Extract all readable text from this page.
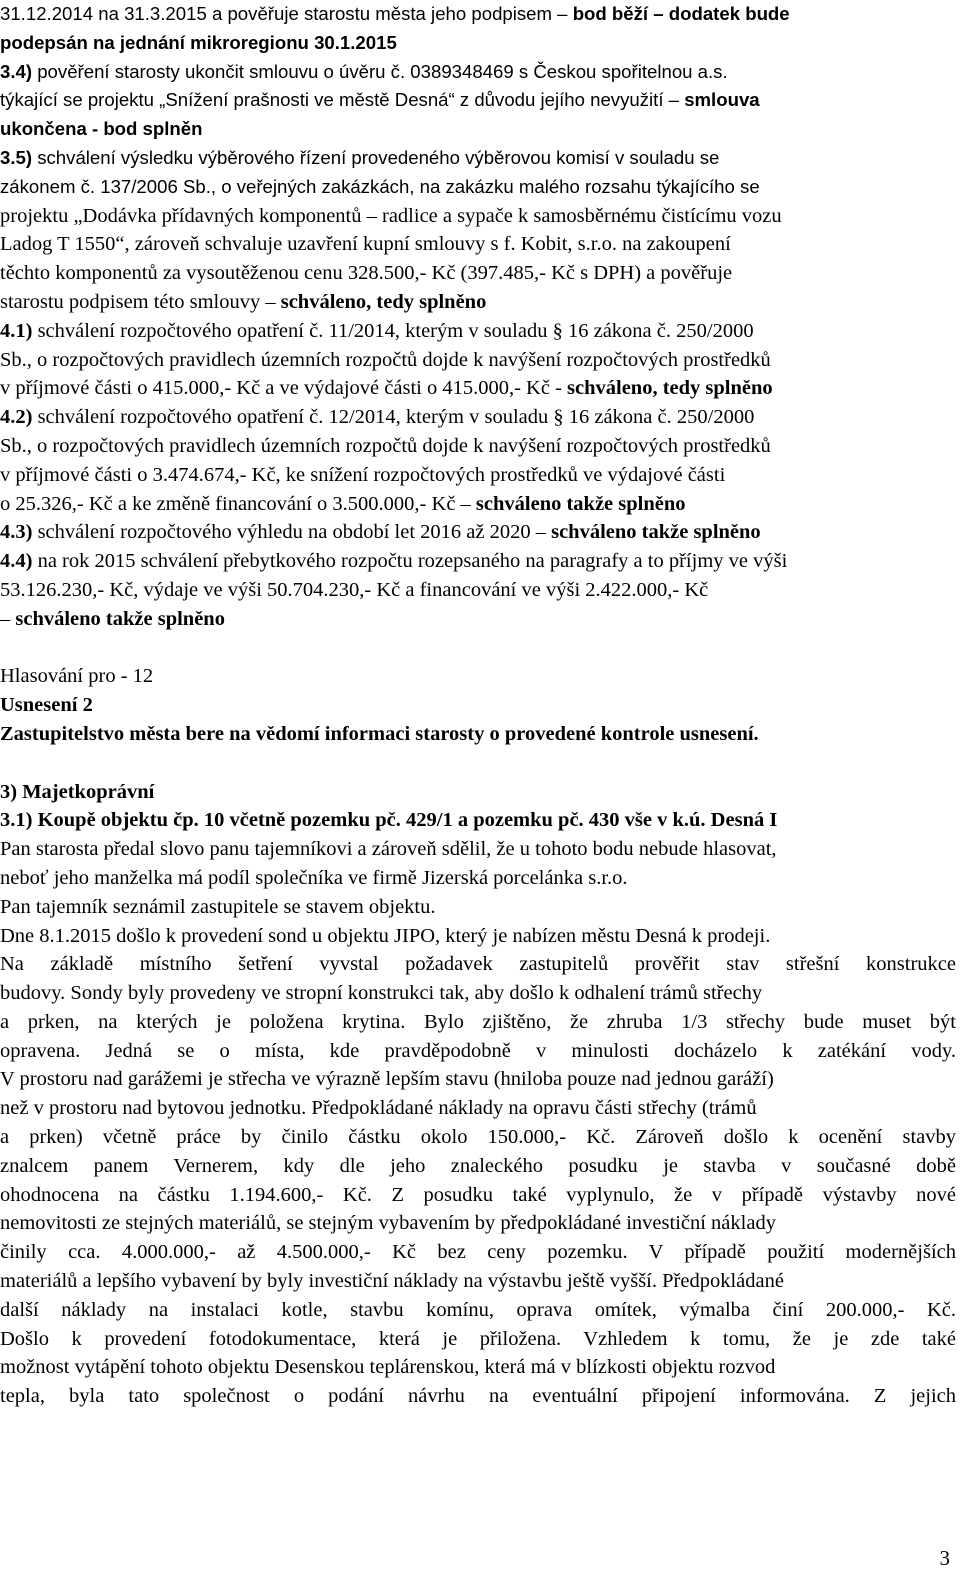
31.12.2014 na 31.3.2015 a pověřuje starostu města jeho podpisem – bod běží – dodatek bude
podepsán na jednání mikroregionu 30.1.2015
3.4) pověření starosty ukončit smlouvu o úvěru č. 0389348469 s Českou spořitelnou a.s.
týkající se projektu „Snížení prašnosti ve městě Desná“ z důvodu jejího nevyužití – smlouva
ukončena - bod splněn
3.5) schválení výsledku výběrového řízení provedeného výběrovou komisí v souladu se
zákonem č. 137/2006 Sb., o veřejných zakázkách, na zakázku malého rozsahu týkajícího se
projektu „Dodávka přídavných komponentů – radlice a sypače k samosběrnému čistícímu vozu
Ladog T 1550“, zároveň schvaluje uzavření kupní smlouvy s f. Kobit, s.r.o. na zakoupení
těchto komponentů za vysoutěženou cenu 328.500,- Kč (397.485,- Kč s DPH) a pověřuje
starostu podpisem této smlouvy – schváleno, tedy splněno
4.1) schválení rozpočtového opatření č. 11/2014, kterým v souladu § 16 zákona č. 250/2000
Sb., o rozpočtových pravidlech územních rozpočtů dojde k navýšení rozpočtových prostředků
v příjmové části o 415.000,- Kč a ve výdajové části o 415.000,- Kč - schváleno, tedy splněno
4.2) schválení rozpočtového opatření č. 12/2014, kterým v souladu § 16 zákona č. 250/2000
Sb., o rozpočtových pravidlech územních rozpočtů dojde k navýšení rozpočtových prostředků
v příjmové části o 3.474.674,- Kč, ke snížení rozpočtových prostředků ve výdajové části
o 25.326,- Kč a ke změně financování o 3.500.000,- Kč – schváleno takže splněno
4.3) schválení rozpočtového výhledu na období let 2016 až 2020 – schváleno takže splněno
4.4) na rok 2015 schválení přebytkového rozpočtu rozepsaného na paragrafy a to příjmy ve výši
53.126.230,- Kč, výdaje ve výši 50.704.230,- Kč a financování ve výši 2.422.000,- Kč
– schváleno takže splněno
Hlasování pro - 12
Usnesení 2
Zastupitelstvo města bere na vědomí informaci starosty o provedené kontrole usnesení.
3) Majetkoprávní
3.1) Koupě objektu čp. 10 včetně pozemku pč. 429/1 a pozemku pč. 430 vše v k.ú. Desná I
Pan starosta předal slovo panu tajemníkovi a zároveň sdělil, že u tohoto bodu nebude hlasovat,
neboť jeho manželka má podíl společníka ve firmě Jizerská porcelánka s.r.o.
Pan tajemník seznámil zastupitele se stavem objektu.
Dne 8.1.2015 došlo k provedení sond u objektu JIPO, který je nabízen městu Desná k prodeji.
Na základě místního šetření vyvstal požadavek zastupitelů prověřit stav střešní konstrukce
budovy. Sondy byly provedeny ve stropní konstrukci tak, aby došlo k odhalení trámů střechy
a prken, na kterých je položena krytina. Bylo zjištěno, že zhruba 1/3 střechy bude muset být
opravena. Jedná se o místa, kde pravděpodobně v minulosti docházelo k zatékání vody.
V prostoru nad garážemi je střecha ve výrazně lepším stavu (hniloba pouze nad jednou garáží)
než v prostoru nad bytovou jednotku. Předpokládané náklady na opravu části střechy (trámů
a prken) včetně práce by činilo částku okolo 150.000,- Kč. Zároveň došlo k ocenění stavby
znalcem panem Vernerem, kdy dle jeho znaleckého posudku je stavba v současné době
ohodnocena na částku 1.194.600,- Kč. Z posudku také vyplynulo, že v případě výstavby nové
nemovitosti ze stejných materiálů, se stejným vybavením by předpokládané investiční náklady
činily cca. 4.000.000,- až 4.500.000,- Kč bez ceny pozemku. V případě použití modernějších
materiálů a lepšího vybavení by byly investiční náklady na výstavbu ještě vyšší. Předpokládané
další náklady na instalaci kotle, stavbu komínu, oprava omítek, výmalba činí 200.000,- Kč.
Došlo k provedení fotodokumentace, která je přiložena. Vzhledem k tomu, že je zde také
možnost vytápění tohoto objektu Desenskou teplárenskou, která má v blízkosti objektu rozvod
tepla, byla tato společnost o podání návrhu na eventuální připojení informována. Z jejich
3
